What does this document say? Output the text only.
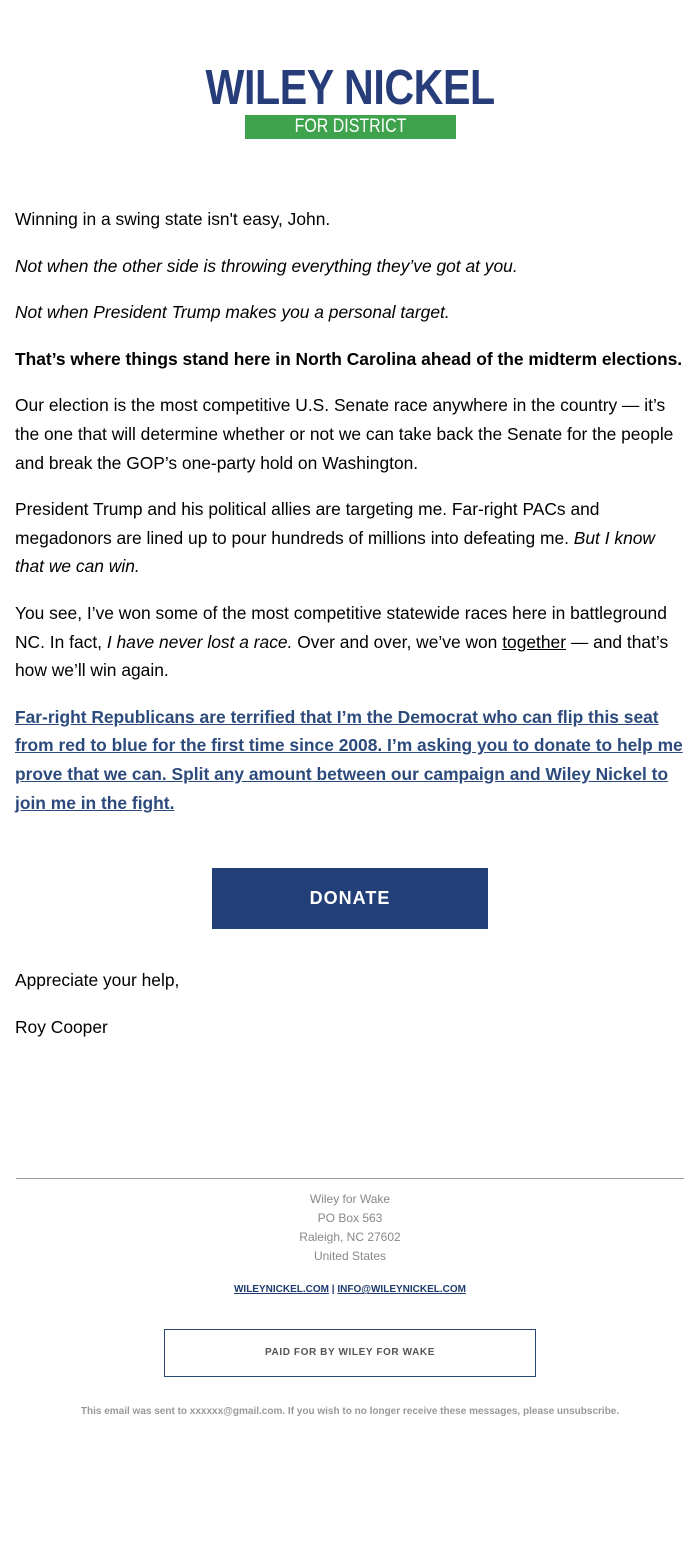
WILEY NICKEL
FOR DISTRICT ATTORNEY

Winning in a swing state isn't easy, John.

Not when the other side is throwing everything they’ve got at you.

Not when President Trump makes you a personal target.

That’s where things stand here in North Carolina ahead of the midterm elections.

Our election is the most competitive U.S. Senate race anywhere in the country — it’s the one that will determine whether or not we can take back the Senate for the people and break the GOP’s one-party hold on Washington.

President Trump and his political allies are targeting me. Far-right PACs and megadonors are lined up to pour hundreds of millions into defeating me. But I know that we can win.

You see, I’ve won some of the most competitive statewide races here in battleground NC. In fact, I have never lost a race. Over and over, we’ve won together — and that’s how we’ll win again.

Far-right Republicans are terrified that I’m the Democrat who can flip this seat from red to blue for the first time since 2008. I’m asking you to donate to help me prove that we can. Split any amount between our campaign and Wiley Nickel to join me in the fight.

DONATE

Appreciate your help,

Roy Cooper

Wiley for Wake
PO Box 563
Raleigh, NC 27602
United States
WILEYNICKEL.COM | INFO@WILEYNICKEL.COM
PAID FOR BY WILEY FOR WAKE
This email was sent to xxxxxx@gmail.com. If you wish to no longer receive these messages, please unsubscribe.
